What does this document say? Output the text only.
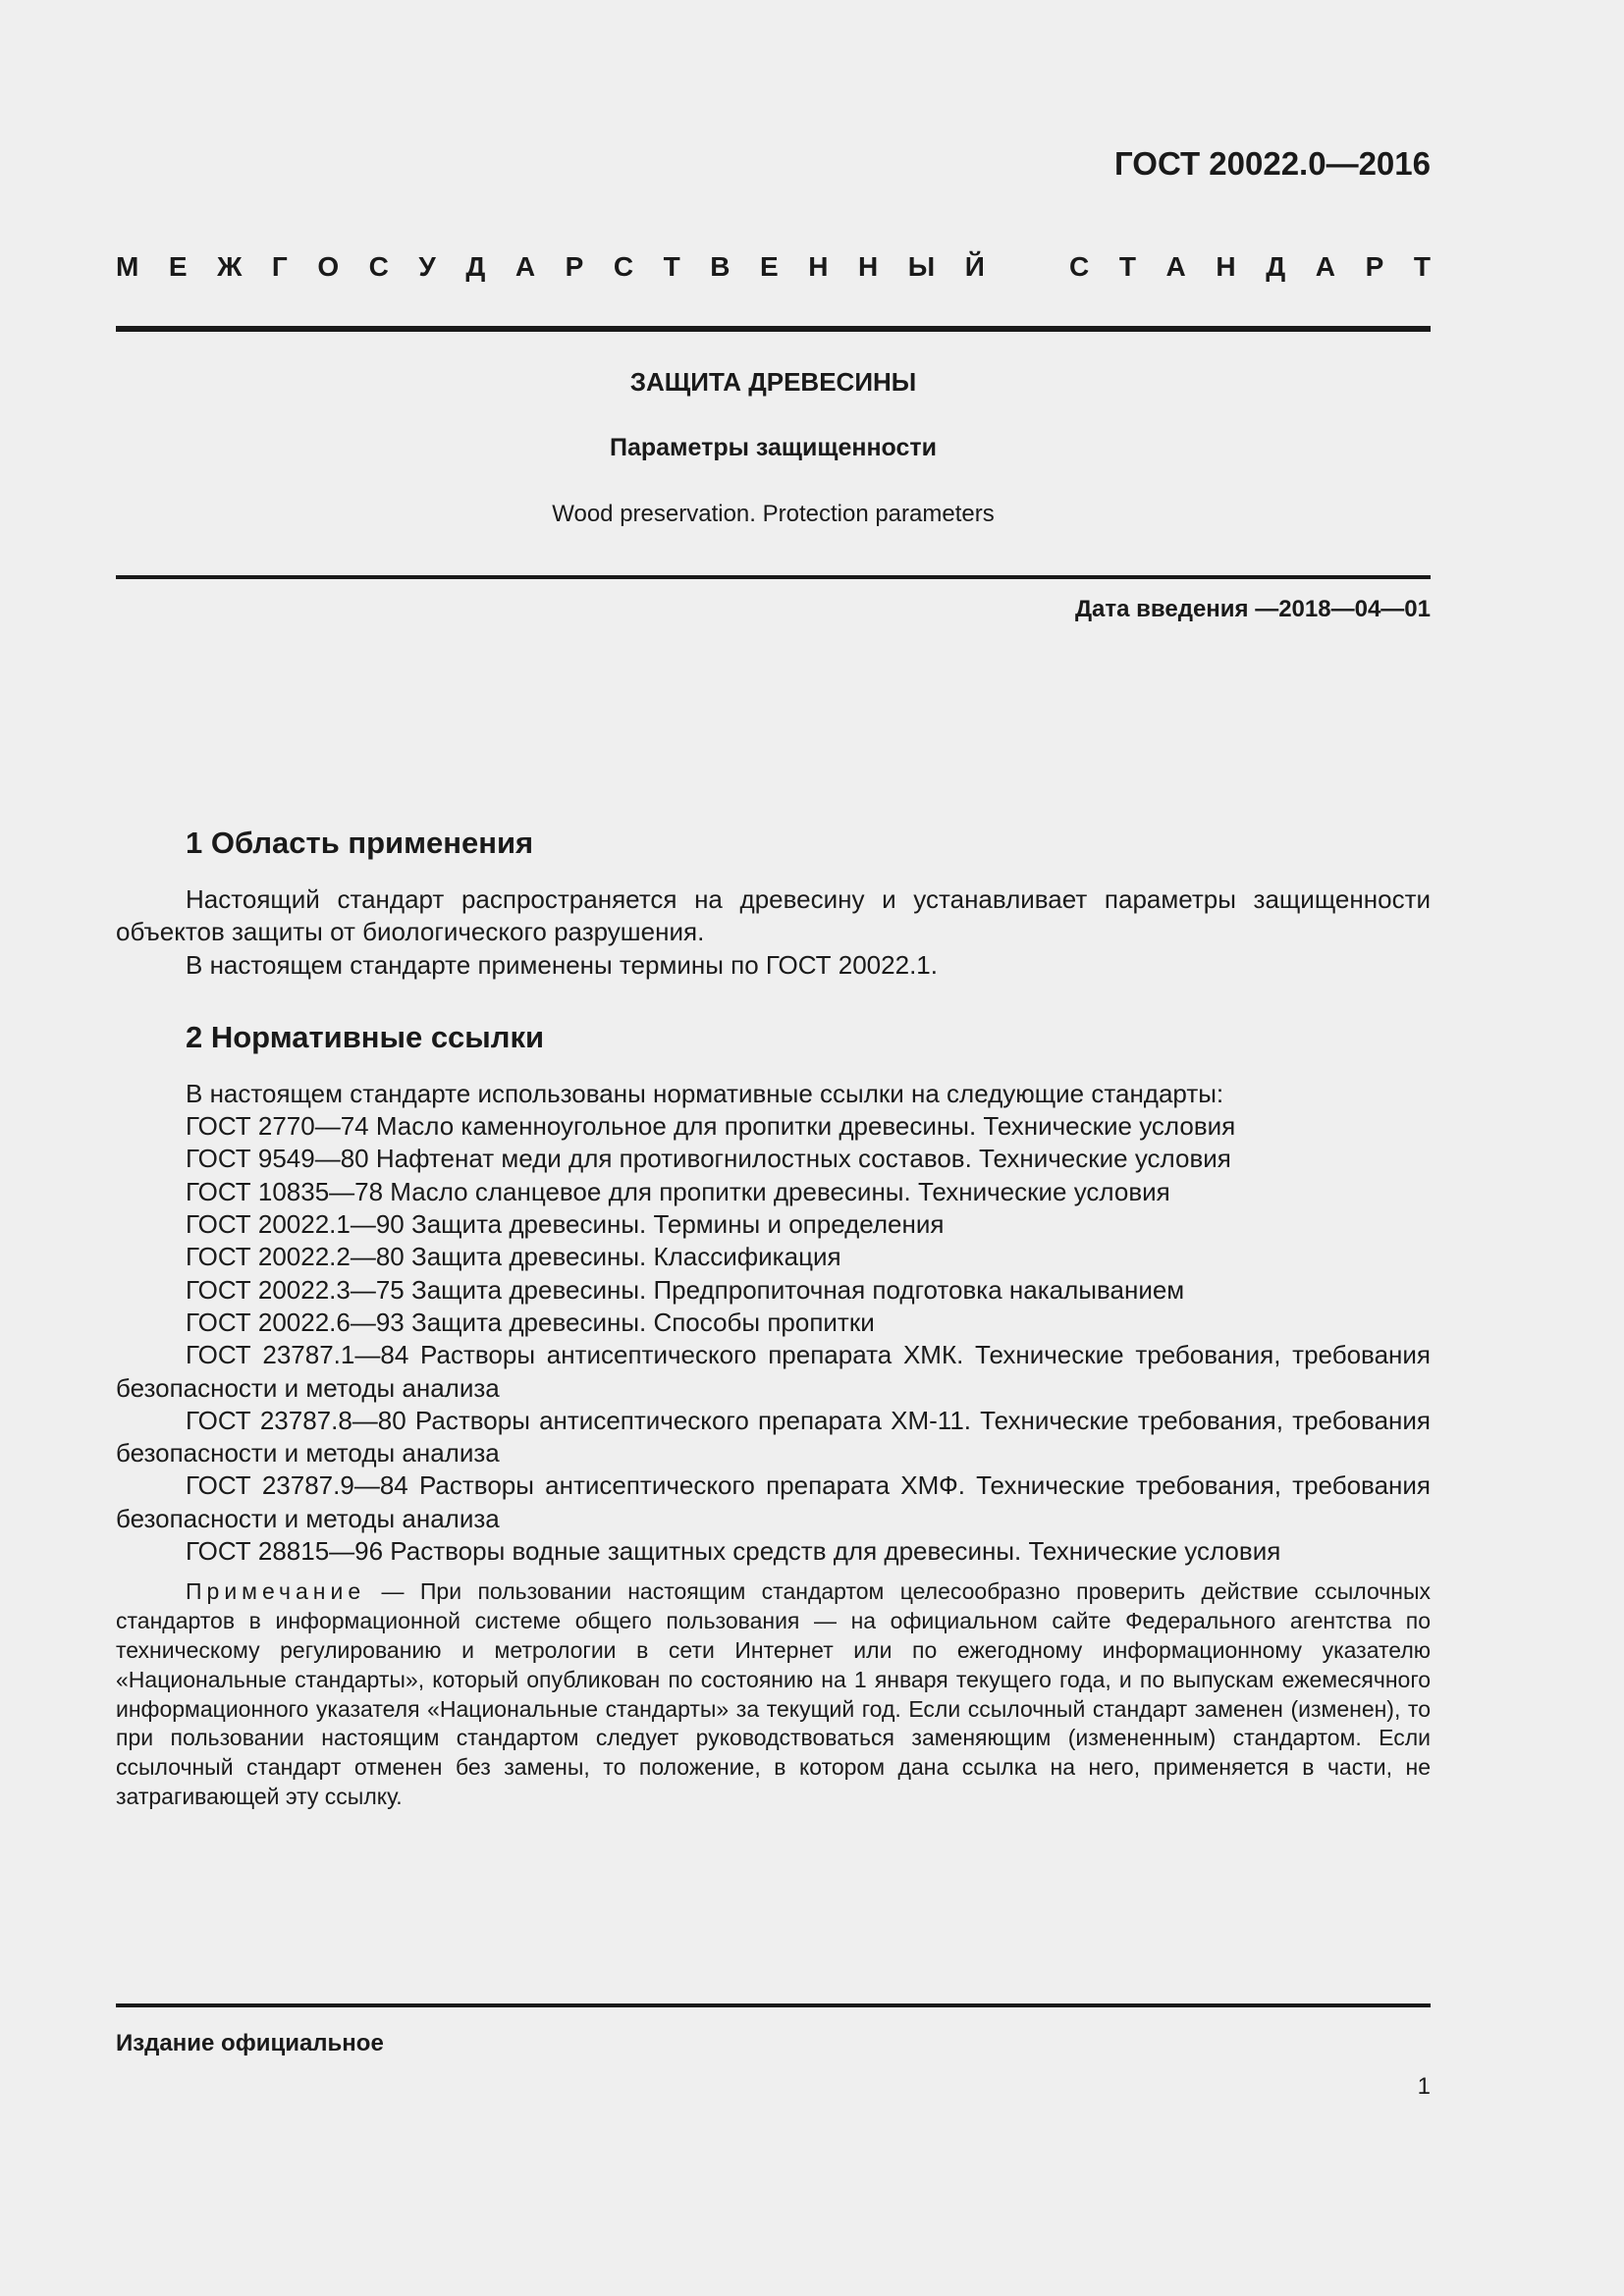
ГОСТ 20022.0—2016
М Е Ж Г О С У Д А Р С Т В Е Н Н Ы Й	С Т А Н Д А Р Т
ЗАЩИТА ДРЕВЕСИНЫ
Параметры защищенности
Wood preservation. Protection parameters
Дата введения —2018—04—01
1 Область применения

Настоящий стандарт распространяется на древесину и устанавливает параметры защищенности объектов защиты от биологического разрушения.

В настоящем стандарте применены термины по ГОСТ 20022.1.

2 Нормативные ссылки

В настоящем стандарте использованы нормативные ссылки на следующие стандарты:

ГОСТ 2770—74 Масло каменноугольное для пропитки древесины. Технические условия

ГОСТ 9549—80 Нафтенат меди для противогнилостных составов. Технические условия

ГОСТ 10835—78 Масло сланцевое для пропитки древесины. Технические условия

ГОСТ 20022.1—90 Защита древесины. Термины и определения

ГОСТ 20022.2—80 Защита древесины. Классификация

ГОСТ 20022.3—75 Защита древесины. Предпропиточная подготовка накалыванием

ГОСТ 20022.6—93 Защита древесины. Способы пропитки

ГОСТ 23787.1—84 Растворы антисептического препарата ХМК. Технические требования, требования безопасности и методы анализа

ГОСТ 23787.8—80 Растворы антисептического препарата ХМ-11. Технические требования, требования безопасности и методы анализа

ГОСТ 23787.9—84 Растворы антисептического препарата ХМФ. Технические требования, требования безопасности и методы анализа

ГОСТ 28815—96 Растворы водные защитных средств для древесины. Технические условия

Примечание — При пользовании настоящим стандартом целесообразно проверить действие ссылочных стандартов в информационной системе общего пользования — на официальном сайте Федерального агентства по техническому регулированию и метрологии в сети Интернет или по ежегодному информационному указателю «Национальные стандарты», который опубликован по состоянию на 1 января текущего года, и по выпускам ежемесячного информационного указателя «Национальные стандарты» за текущий год. Если ссылочный стандарт заменен (изменен), то при пользовании настоящим стандартом следует руководствоваться заменяющим (измененным) стандартом. Если ссылочный стандарт отменен без замены, то положение, в котором дана ссылка на него, применяется в части, не затрагивающей эту ссылку.

Издание официальное
1
